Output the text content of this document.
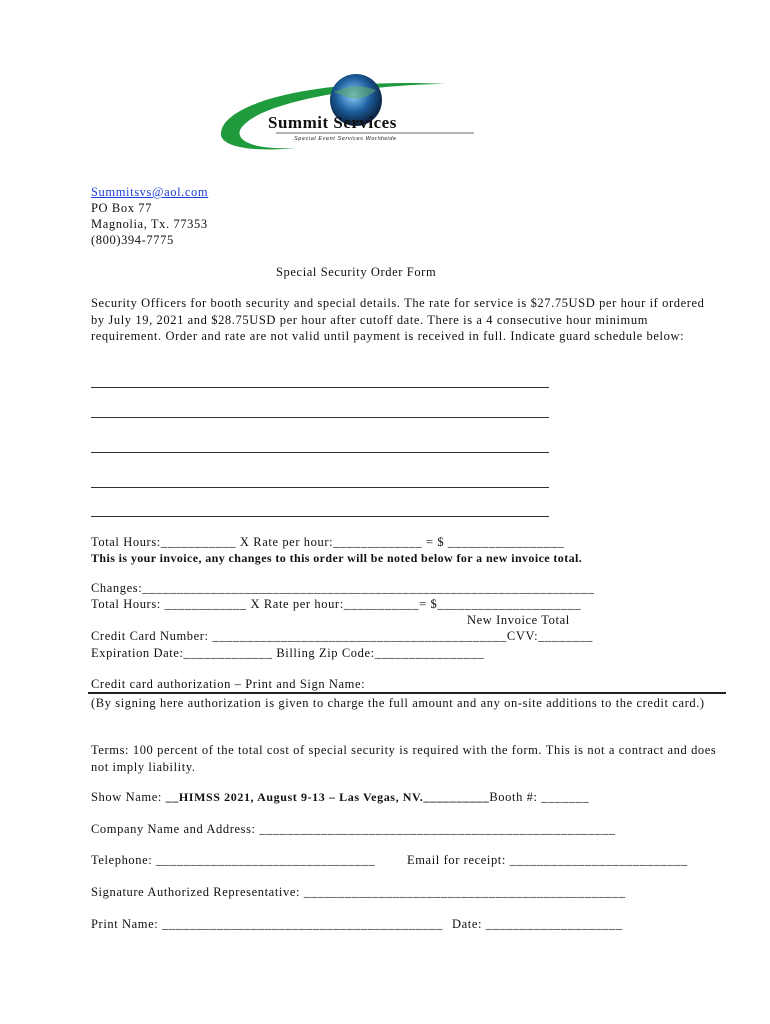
Summit Services
Special Event Services Worldwide
Summitsvs@aol.com
PO Box 77
Magnolia, Tx. 77353
(800)394-7775
Special Security Order Form
Security Officers for booth security and special details. The rate for service is $27.75USD per hour if ordered by July 19, 2021 and $28.75USD per hour after cutoff date. There is a 4 consecutive hour minimum requirement. Order and rate are not valid until payment is received in full. Indicate guard schedule below:
Total Hours:___________ X Rate per hour:_____________ = $ _________________
This is your invoice, any changes to this order will be noted below for a new invoice total.
Changes:__________________________________________________________________
Total Hours: ____________ X Rate per hour:___________= $_____________________
New Invoice Total
Credit Card Number: ___________________________________________CVV:________
Expiration Date:_____________ Billing Zip Code:________________
Credit card authorization – Print and Sign Name:
(By signing here authorization is given to charge the full amount and any on-site additions to the credit card.)
Terms: 100 percent of the total cost of special security is required with the form. This is not a contract and does not imply liability.
Show Name: __HIMSS 2021, August 9-13 – Las Vegas, NV.__________Booth #: _______
Company Name and Address: ____________________________________________________
Telephone: ________________________________	Email for receipt: __________________________
Signature Authorized Representative: _______________________________________________
Print Name: _________________________________________ Date: ____________________
